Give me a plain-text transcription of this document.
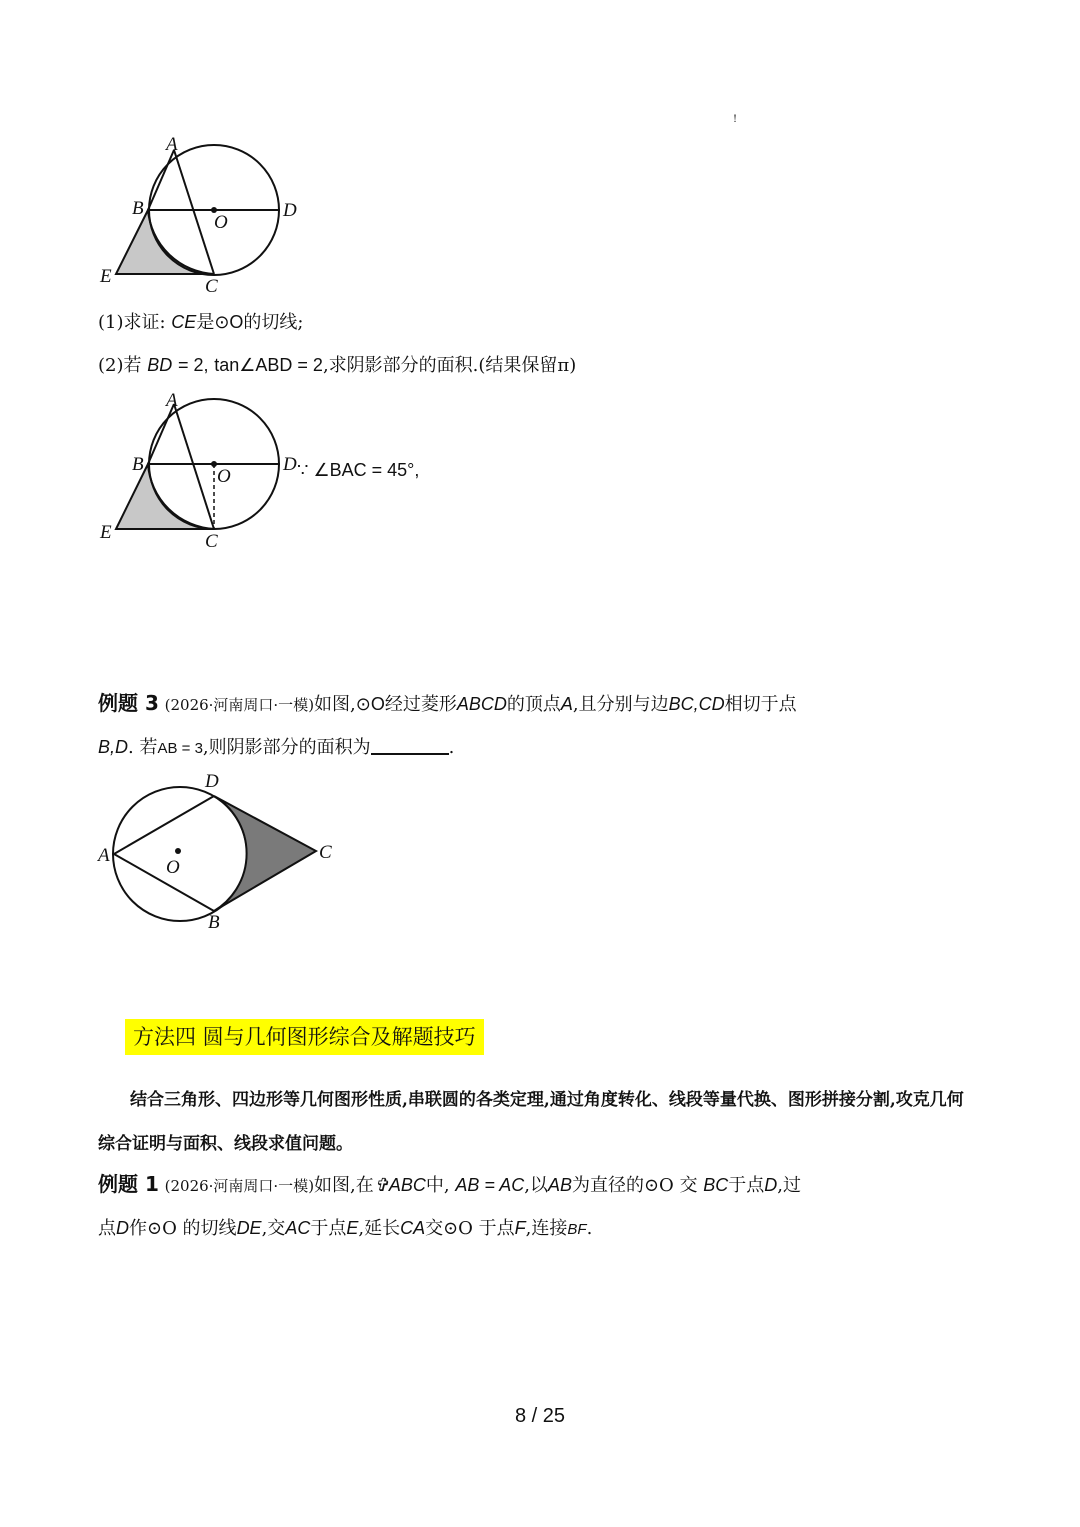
!
A
B
O
D
E	C
(1)求证: CE是⊙O的切线;
(2)若 BD = 2, tan∠ABD = 2,求阴影部分的面积.(结果保留π)
A
B
O
D
E	C
∵ ∠BAC = 45°,
例题 3 (2026·河南周口·一模)如图,⊙O经过菱形ABCD的顶点A,且分别与边BC,CD相切于点
B,D. 若AB = 3,则阴影部分的面积为	.
D
A
O
C
B
方法四 圆与几何图形综合及解题技巧
结合三角形、四边形等几何图形性质,串联圆的各类定理,通过角度转化、线段等量代换、图形拼接分割,攻克几何综合证明与面积、线段求值问题。
例题 1 (2026·河南周口·一模)如图,在✞ABC中, AB = AC,以AB为直径的⊙O 交 BC于点D,过
点D作⊙O 的切线DE,交AC于点E,延长CA交⊙O 于点F,连接BF.
8 / 25
